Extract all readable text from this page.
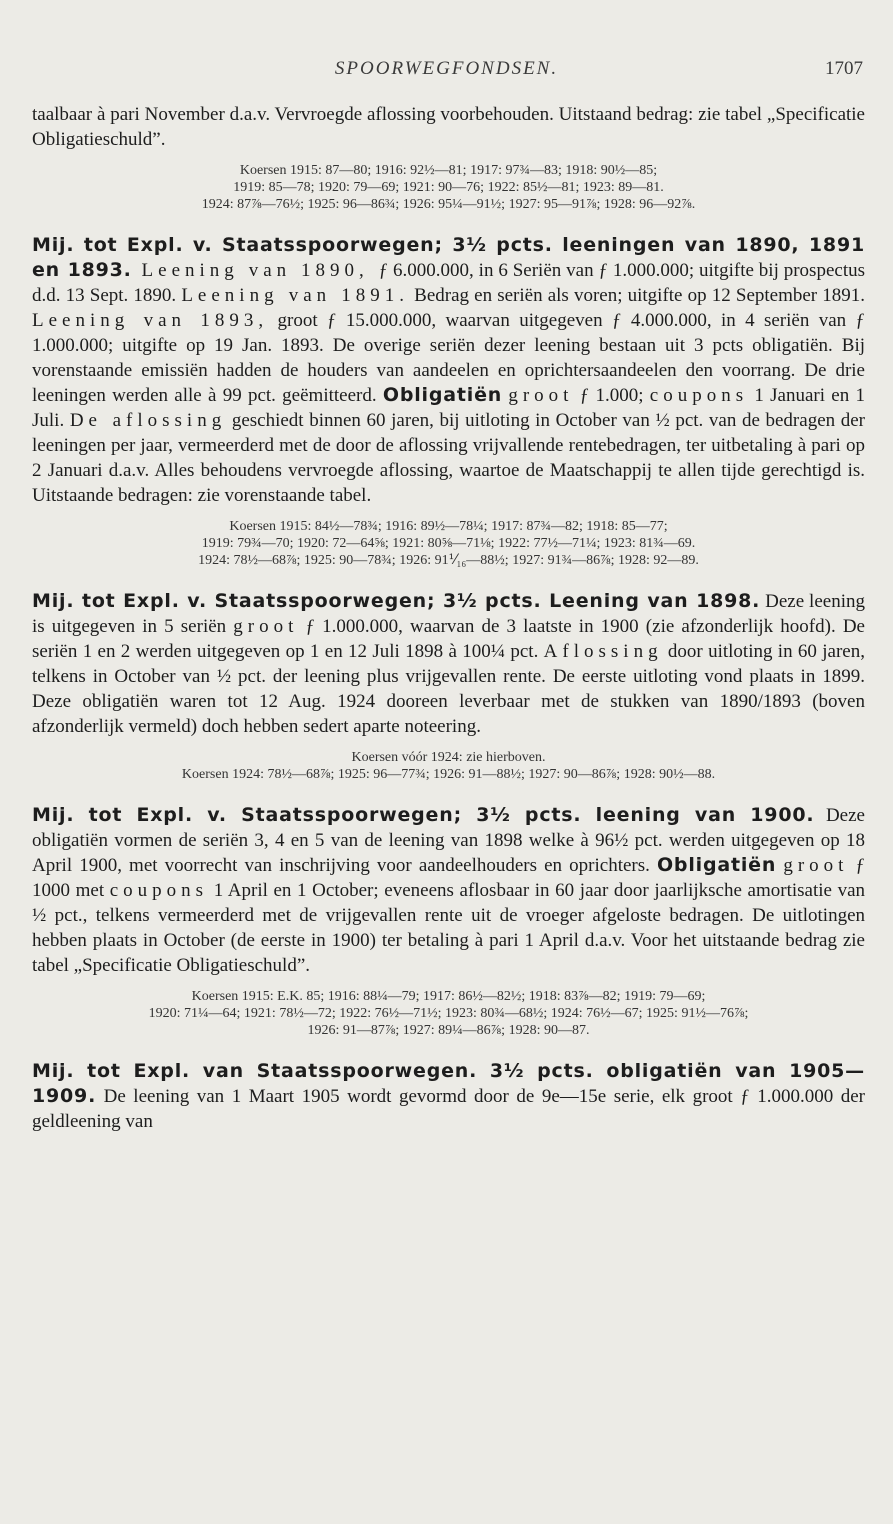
SPOORWEGFONDSEN.	1707

taalbaar à pari November d.a.v. Vervroegde aflossing voorbehouden. Uitstaand bedrag: zie tabel „Specificatie Obligatieschuld”.

Koersen 1915: 87—80; 1916: 92½—81; 1917: 97¾—83; 1918: 90½—85;
1919: 85—78; 1920: 79—69; 1921: 90—76; 1922: 85½—81; 1923: 89—81.
1924: 87⅞—76½; 1925: 96—86¾; 1926: 95¼—91½; 1927: 95—91⅞; 1928: 96—92⅞.

Mij. tot Expl. v. Staatsspoorwegen; 3½ pcts. leeningen van 1890, 1891 en 1893. Leening van 1890, ƒ 6.000.000, in 6 Seriën van ƒ 1.000.000; uitgifte bij prospectus d.d. 13 Sept. 1890. Leening van 1891. Bedrag en seriën als voren; uitgifte op 12 September 1891. Leening van 1893, groot ƒ 15.000.000, waarvan uitgegeven ƒ 4.000.000, in 4 seriën van ƒ 1.000.000; uitgifte op 19 Jan. 1893. De overige seriën dezer leening bestaan uit 3 pcts obligatiën. Bij vorenstaande emissiën hadden de houders van aandeelen en oprichtersaandeelen den voorrang. De drie leeningen werden alle à 99 pct. geëmitteerd. Obligatiën groot ƒ 1.000; coupons 1 Januari en 1 Juli. De aflossing geschiedt binnen 60 jaren, bij uitloting in October van ½ pct. van de bedragen der leeningen per jaar, vermeerderd met de door de aflossing vrijvallende rentebedragen, ter uitbetaling à pari op 2 Januari d.a.v. Alles behoudens vervroegde aflossing, waartoe de Maatschappij te allen tijde gerechtigd is. Uitstaande bedragen: zie vorenstaande tabel.

Koersen 1915: 84½—78¾; 1916: 89½—78¼; 1917: 87¾—82; 1918: 85—77;
1919: 79¾—70; 1920: 72—64⅝; 1921: 80⅝—71⅛; 1922: 77½—71¼; 1923: 81¾—69.
1924: 78½—68⅞; 1925: 90—78¾; 1926: 91⅟₁₆—88½; 1927: 91¾—86⅞; 1928: 92—89.

Mij. tot Expl. v. Staatsspoorwegen; 3½ pcts. Leening van 1898. Deze leening is uitgegeven in 5 seriën groot ƒ 1.000.000, waarvan de 3 laatste in 1900 (zie afzonderlijk hoofd). De seriën 1 en 2 werden uitgegeven op 1 en 12 Juli 1898 à 100¼ pct. Aflossing door uitloting in 60 jaren, telkens in October van ½ pct. der leening plus vrijgevallen rente. De eerste uitloting vond plaats in 1899. Deze obligatiën waren tot 12 Aug. 1924 dooreen leverbaar met de stukken van 1890/1893 (boven afzonderlijk vermeld) doch hebben sedert aparte noteering.

Koersen vóór 1924: zie hierboven.
Koersen 1924: 78½—68⅞; 1925: 96—77¾; 1926: 91—88½; 1927: 90—86⅞; 1928: 90½—88.

Mij. tot Expl. v. Staatsspoorwegen; 3½ pcts. leening van 1900. Deze obligatiën vormen de seriën 3, 4 en 5 van de leening van 1898 welke à 96½ pct. werden uitgegeven op 18 April 1900, met voorrecht van inschrijving voor aandeelhouders en oprichters. Obligatiën groot ƒ 1000 met coupons 1 April en 1 October; eveneens aflosbaar in 60 jaar door jaarlijksche amortisatie van ½ pct., telkens vermeerderd met de vrijgevallen rente uit de vroeger afgeloste bedragen. De uitlotingen hebben plaats in October (de eerste in 1900) ter betaling à pari 1 April d.a.v. Voor het uitstaande bedrag zie tabel „Specificatie Obligatieschuld”.

Koersen 1915: E.K. 85; 1916: 88¼—79; 1917: 86½—82½; 1918: 83⅞—82; 1919: 79—69;
1920: 71¼—64; 1921: 78½—72; 1922: 76½—71½; 1923: 80¾—68½; 1924: 76½—67; 1925: 91½—76⅞;
1926: 91—87⅞; 1927: 89¼—86⅞; 1928: 90—87.

Mij. tot Expl. van Staatsspoorwegen. 3½ pcts. obligatiën van 1905—1909. De leening van 1 Maart 1905 wordt gevormd door de 9e—15e serie, elk groot ƒ 1.000.000 der geldleening van
